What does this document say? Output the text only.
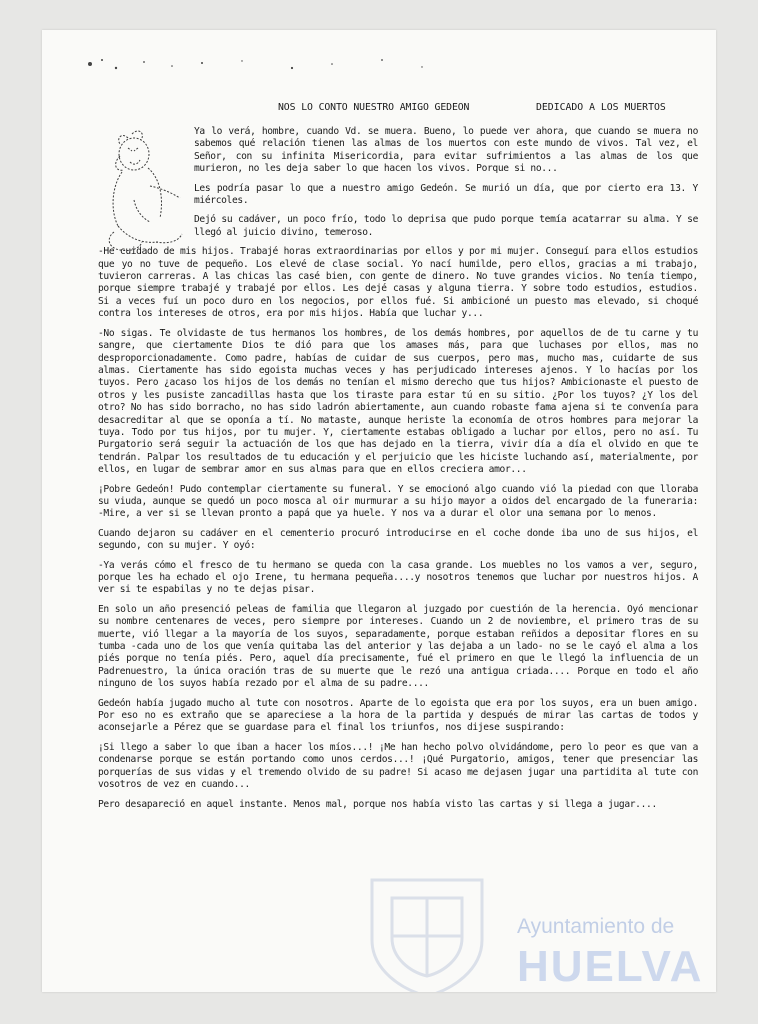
NOS LO CONTO NUESTRO AMIGO GEDEON	DEDICADO A LOS MUERTOS

Ya lo verá, hombre, cuando Vd. se muera. Bueno, lo puede ver ahora, que cuando se muera no sabemos qué relación tienen las almas de los muertos con este mundo de vivos. Tal vez, el Señor, con su infinita Misericordia, para evitar sufrimientos a las almas de los que murieron, no les deja saber lo que hacen los vivos. Porque si no...

Les podría pasar lo que a nuestro amigo Gedeón. Se murió un día, que por cierto era 13. Y miércoles.

Dejó su cadáver, un poco frío, todo lo deprisa que pudo porque temía acatarrar su alma. Y se llegó al juicio divino, temeroso.

-He cuidado de mis hijos. Trabajé horas extraordinarias por ellos y por mi mujer. Conseguí para ellos estudios que yo no tuve de pequeño. Los elevé de clase social. Yo nací humilde, pero ellos, gracias a mi trabajo, tuvieron carreras. A las chicas las casé bien, con gente de dinero. No tuve grandes vicios. No tenía tiempo, porque siempre trabajé y trabajé por ellos. Les dejé casas y alguna tierra. Y sobre todo estudios, estudios. Si a veces fuí un poco duro en los negocios, por ellos fué. Si ambicioné un puesto mas elevado, si choqué contra los intereses de otros, era por mis hijos. Había que luchar y...

-No sigas. Te olvidaste de tus hermanos los hombres, de los demás hombres, por aquellos de de tu carne y tu sangre, que ciertamente Dios te dió para que los amases más, para que luchases por ellos, mas no desproporcionadamente. Como padre, habías de cuidar de sus cuerpos, pero mas, mucho mas, cuidarte de sus almas. Ciertamente has sido egoista muchas veces y has perjudicado intereses ajenos. Y lo hacías por los tuyos. Pero ¿acaso los hijos de los demás no tenían el mismo derecho que tus hijos? Ambicionaste el puesto de otros y les pusiste zancadillas hasta que los tiraste para estar tú en su sitio. ¿Por los tuyos? ¿Y los del otro? No has sido borracho, no has sido ladrón abiertamente, aun cuando robaste fama ajena si te convenía para desacreditar al que se oponía a tí. No mataste, aunque heriste la economía de otros hombres para mejorar la tuya. Todo por tus hijos, por tu mujer. Y, ciertamente estabas obligado a luchar por ellos, pero no así. Tu Purgatorio será seguir la actuación de los que has dejado en la tierra, vivir día a día el olvido en que te tendrán. Palpar los resultados de tu educación y el perjuicio que les hiciste luchando así, materialmente, por ellos, en lugar de sembrar amor en sus almas para que en ellos creciera amor...

¡Pobre Gedeón! Pudo contemplar ciertamente su funeral. Y se emocionó algo cuando vió la piedad con que lloraba su viuda, aunque se quedó un poco mosca al oir murmurar a su hijo mayor a oidos del encargado de la funeraria: -Mire, a ver si se llevan pronto a papá que ya huele. Y nos va a durar el olor una semana por lo menos.

Cuando dejaron su cadáver en el cementerio procuró introducirse en el coche donde iba uno de sus hijos, el segundo, con su mujer. Y oyó:

-Ya verás cómo el fresco de tu hermano se queda con la casa grande. Los muebles no los vamos a ver, seguro, porque les ha echado el ojo Irene, tu hermana pequeña....y nosotros tenemos que luchar por nuestros hijos. A ver si te espabilas y no te dejas pisar.

En solo un año presenció peleas de familia que llegaron al juzgado por cuestión de la herencia. Oyó mencionar su nombre centenares de veces, pero siempre por intereses. Cuando un 2 de noviembre, el primero tras de su muerte, vió llegar a la mayoría de los suyos, separadamente, porque estaban reñidos a depositar flores en su tumba -cada uno de los que venía quitaba las del anterior y las dejaba a un lado- no se le cayó el alma a los piés porque no tenía piés. Pero, aquel día precisamente, fué el primero en que le llegó la influencia de un Padrenuestro, la única oración tras de su muerte que le rezó una antigua criada.... Porque en todo el año ninguno de los suyos había rezado por el alma de su padre....

Gedeón había jugado mucho al tute con nosotros. Aparte de lo egoista que era por los suyos, era un buen amigo. Por eso no es extraño que se apareciese a la hora de la partida y después de mirar las cartas de todos y aconsejarle a Pérez que se guardase para el final los triunfos, nos dijese suspirando:

¡Si llego a saber lo que iban a hacer los míos...! ¡Me han hecho polvo olvidándome, pero lo peor es que van a condenarse porque se están portando como unos cerdos...! ¡Qué Purgatorio, amigos, tener que presenciar las porquerías de sus vidas y el tremendo olvido de su padre! Si acaso me dejasen jugar una partidita al tute con vosotros de vez en cuando...

Pero desapareció en aquel instante. Menos mal, porque nos había visto las cartas y si llega a jugar....

Ayuntamiento de
HUELVA
